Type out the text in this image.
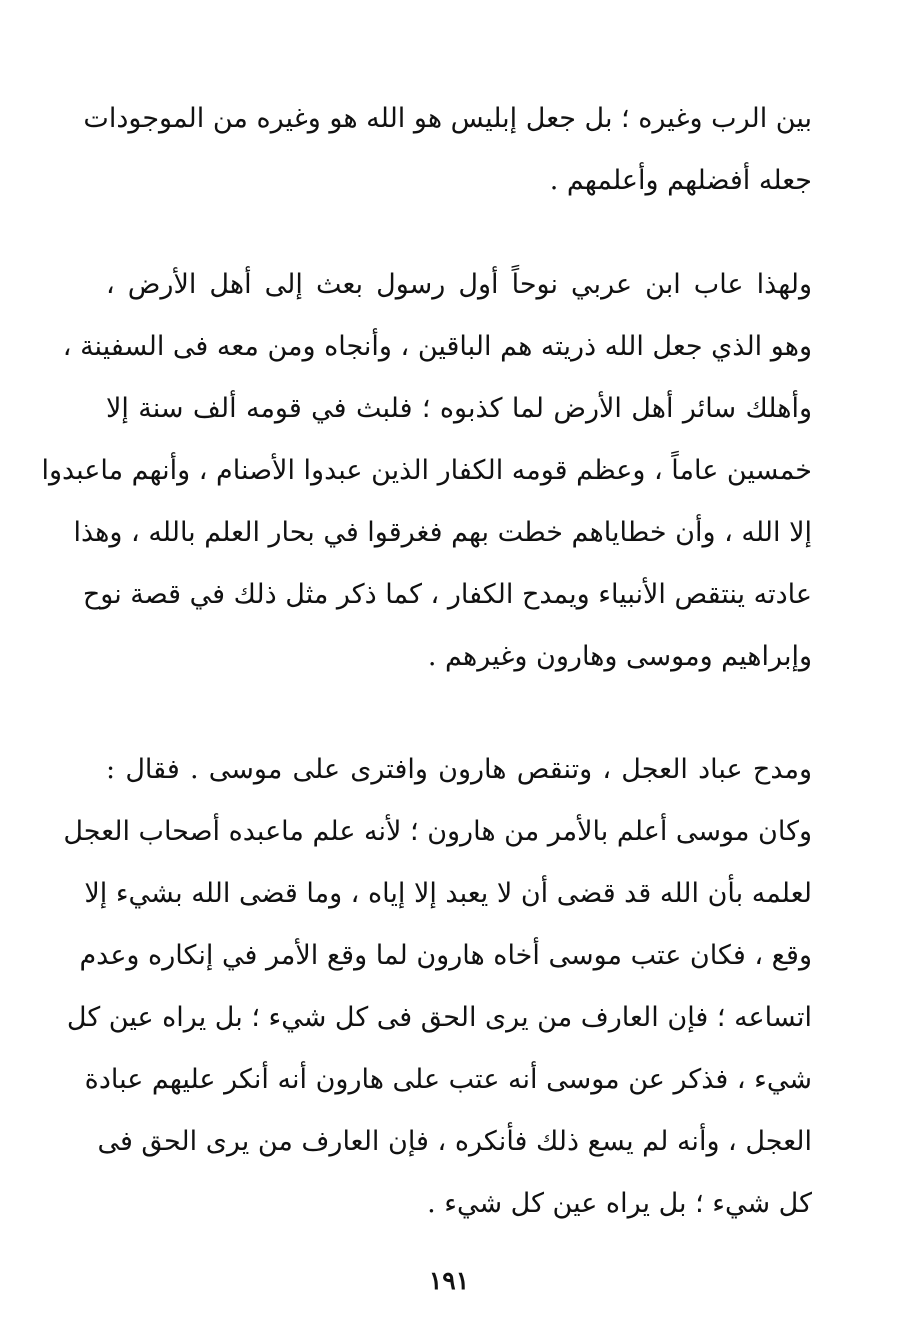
بين الرب وغيره ؛ بل جعل إبليس هو الله هو وغيره من الموجودات
جعله أفضلهم وأعلمهم .
ولهذا عاب ابن عربي نوحاً أول رسول بعث إلى أهل الأرض ،
وهو الذي جعل الله ذريته هم الباقين ، وأنجاه ومن معه فى السفينة ،
وأهلك سائر أهل الأرض لما كذبوه ؛ فلبث في قومه ألف سنة إلا
خمسين عاماً ، وعظم قومه الكفار الذين عبدوا الأصنام ، وأنهم ماعبدوا
إلا الله ، وأن خطاياهم خطت بهم فغرقوا في بحار العلم بالله ، وهذا
عادته ينتقص الأنبياء ويمدح الكفار ، كما ذكر مثل ذلك في قصة نوح
وإبراهيم وموسى وهارون وغيرهم .
ومدح عباد العجل ، وتنقص هارون وافترى على موسى . فقال :
وكان موسى أعلم بالأمر من هارون ؛ لأنه علم ماعبده أصحاب العجل
لعلمه بأن الله قد قضى أن لا يعبد إلا إياه ، وما قضى الله بشيء إلا
وقع ، فكان عتب موسى أخاه هارون لما وقع الأمر في إنكاره وعدم
اتساعه ؛ فإن العارف من يرى الحق فى كل شيء ؛ بل يراه عين كل
شيء ، فذكر عن موسى أنه عتب على هارون أنه أنكر عليهم عبادة
العجل ، وأنه لم يسع ذلك فأنكره ، فإن العارف من يرى الحق فى
كل شيء ؛ بل يراه عين كل شيء .
١٩١
